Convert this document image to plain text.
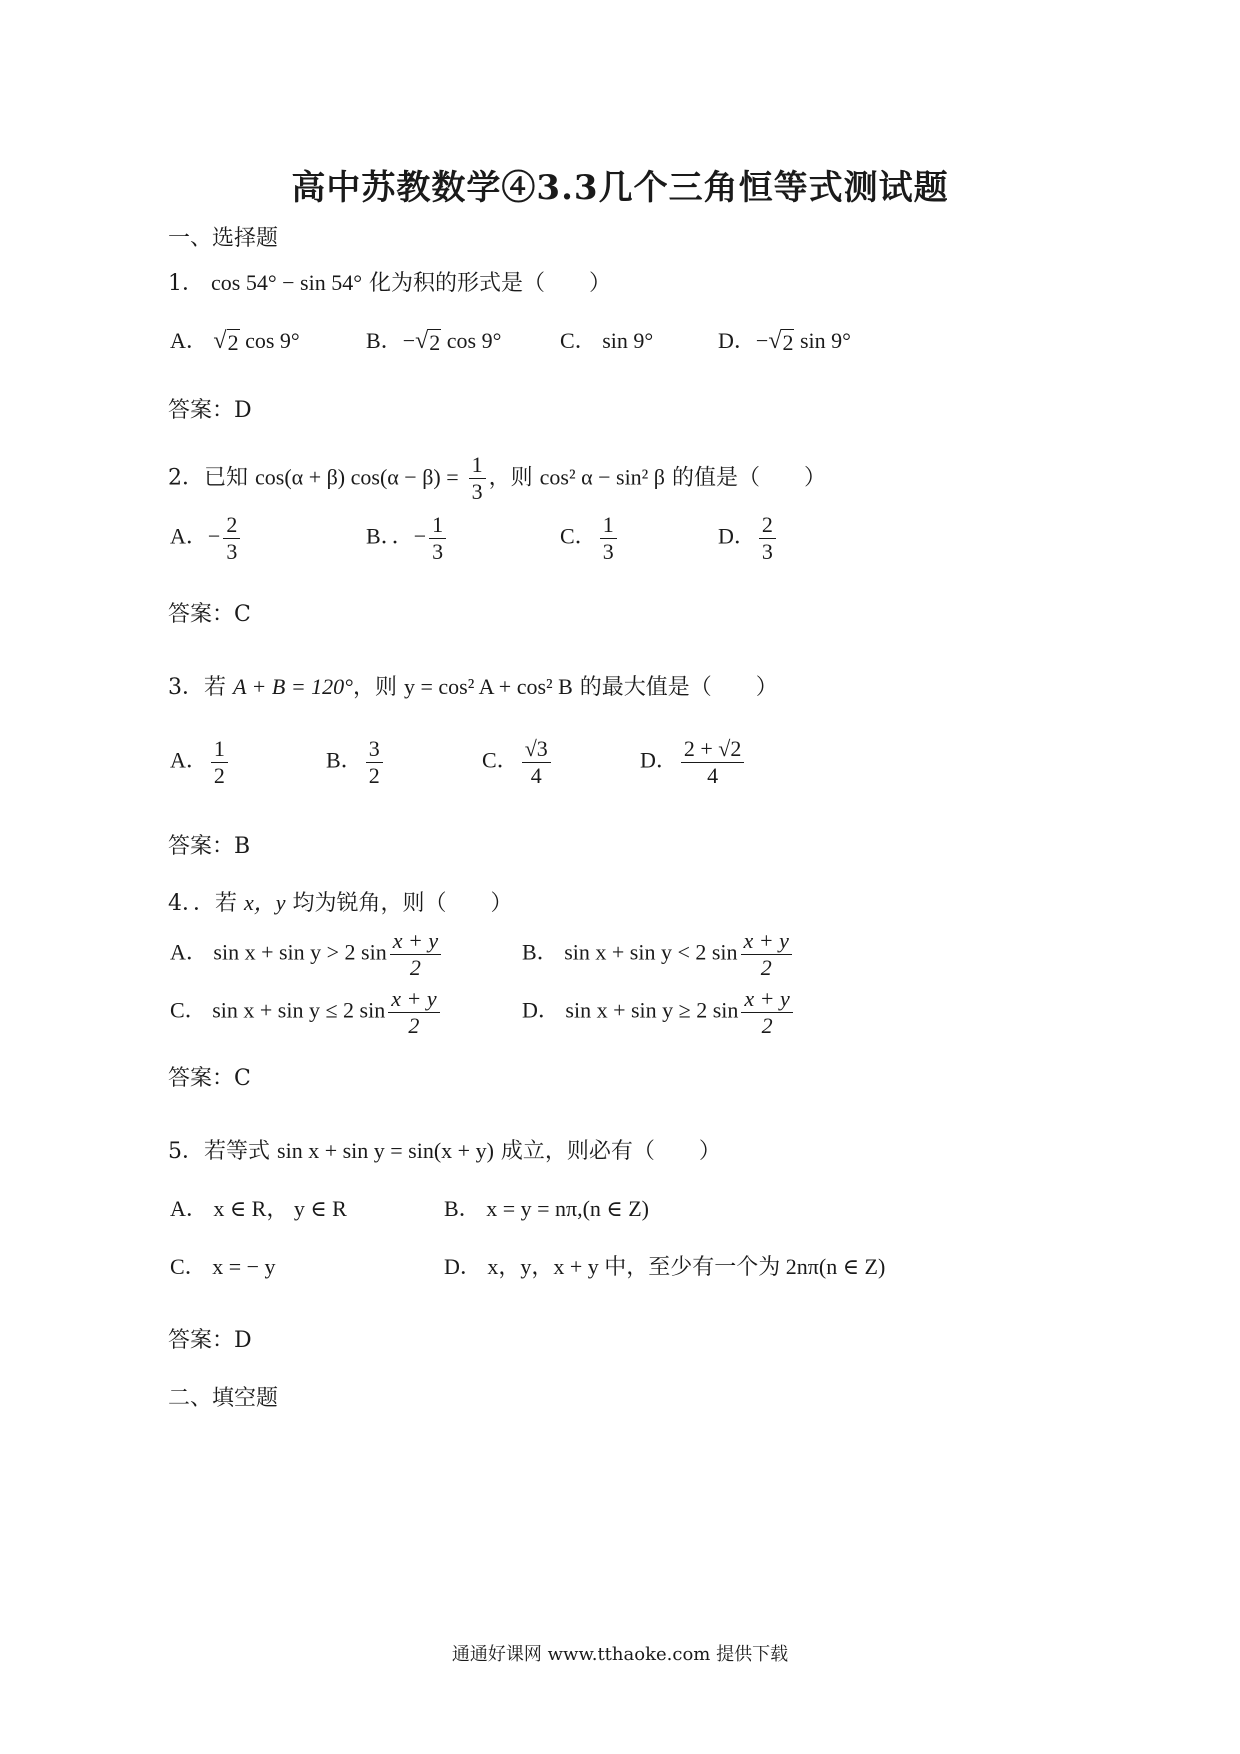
高中苏教数学④3.3几个三角恒等式测试题
一、选择题
1． cos 54° − sin 54° 化为积的形式是（　　）
A． √ 2 cos 9°	B．− √ 2 cos 9°	C． sin 9°	D．− √ 2 sin 9°
答案：D
2．已知 cos(α + β) $\cos(\alpha - \beta) = \frac{1}{3}$ ，则 cos² α − sin² β 的值是（　　）
A．− $\frac{2}{3}$	B．．− $\frac{1}{3}$	C． $\frac{1}{3}$	D． $\frac{2}{3}$
答案：C
3．若 A + B = 120°，则 y = cos² A + cos² B 的最大值是（　　）
A． $\frac{1}{2}$	B． $\frac{3}{2}$	C． $\frac{√3}{4}$	D． $\frac{2 + √2}{4}$
答案：B
4．．若 x，y 均为锐角，则（　　）
A． sin x + sin y > 2 $\sin \frac{x + y}{2}$	B． sin x + sin y < 2 $\sin \frac{x + y}{2}$
C． sin x + sin y ≤ 2 $\sin \frac{x + y}{2}$	D． sin x + sin y ≥ 2 $\sin \frac{x + y}{2}$
答案：C
5．若等式 sin x + sin y = sin(x + y) 成立，则必有（　　）
A． x ∈ R， y ∈ R	B． x = y = nπ,(n ∈ Z)
C． x = − y	D． x，y，x + y 中，至少有一个为 2nπ(n ∈ Z)
答案：D
二、填空题
通通好课网 www.tthaoke.com 提供下载
